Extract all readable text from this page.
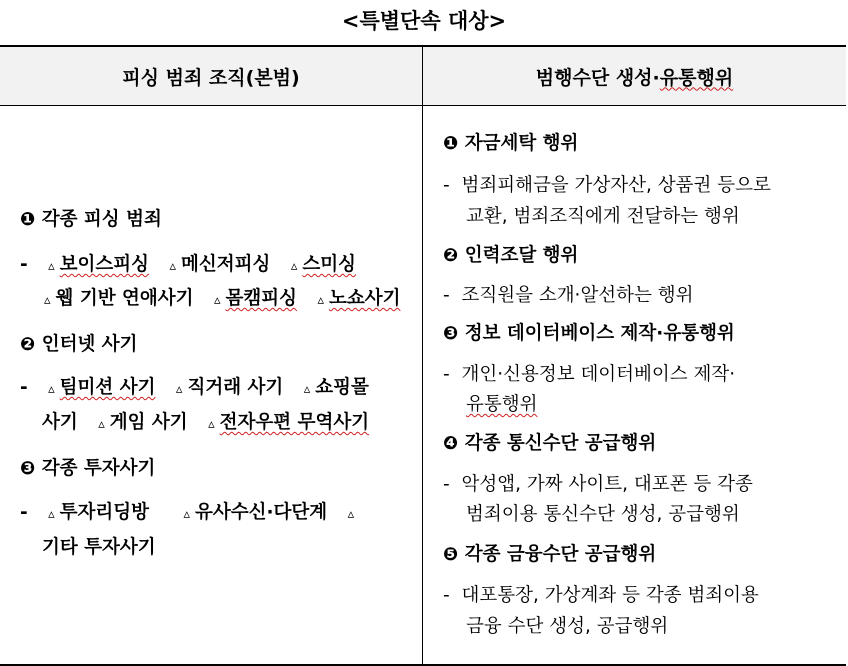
<특별단속 대상>
피싱 범죄 조직(본범)	범행수단 생성· 유통행위
❶ 각종 피싱 범죄
- ▵ 보이스피싱 ▵ 메신저피싱 ▵ 스미싱
▵ 웹 기반 연애사기 ▵ 몸캠피싱 ▵ 노쇼사기
❷ 인터넷 사기
- ▵ 팀미션 사기 ▵ 직거래 사기 ▵ 쇼핑몰
사기 ▵ 게임 사기 ▵ 전자우편 무역사기
❸ 각종 투자사기
- ▵ 투자리딩방	▵ 유사수신·다단계 ▵
기타 투자사기
❶ 자금세탁 행위
- 범죄피해금을 가상자산, 상품권 등으로
교환, 범죄조직에게 전달하는 행위
❷ 인력조달 행위
- 조직원을 소개·알선하는 행위
❸ 정보 데이터베이스 제작·유통행위
- 개인·신용정보 데이터베이스 제작·
유통행위
❹ 각종 통신수단 공급행위
- 악성앱, 가짜 사이트, 대포폰 등 각종
범죄이용 통신수단 생성, 공급행위
❺ 각종 금융수단 공급행위
- 대포통장, 가상계좌 등 각종 범죄이용
금융 수단 생성, 공급행위
